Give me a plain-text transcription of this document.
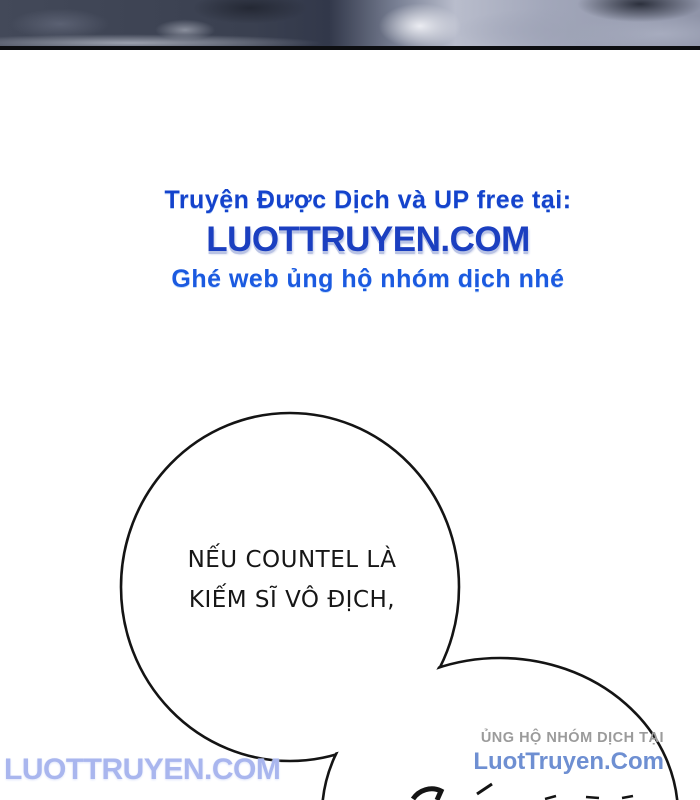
Truyện Được Dịch và UP free tại:
LUOTTRUYEN.COM
Ghé web ủng hộ nhóm dịch nhé
NẾU COUNTEL LÀ
KIẾM SĨ VÔ ĐỊCH,
LUOTTRUYEN.COM
ỦNG HỘ NHÓM DỊCH TẠI
LuotTruyen.Com
